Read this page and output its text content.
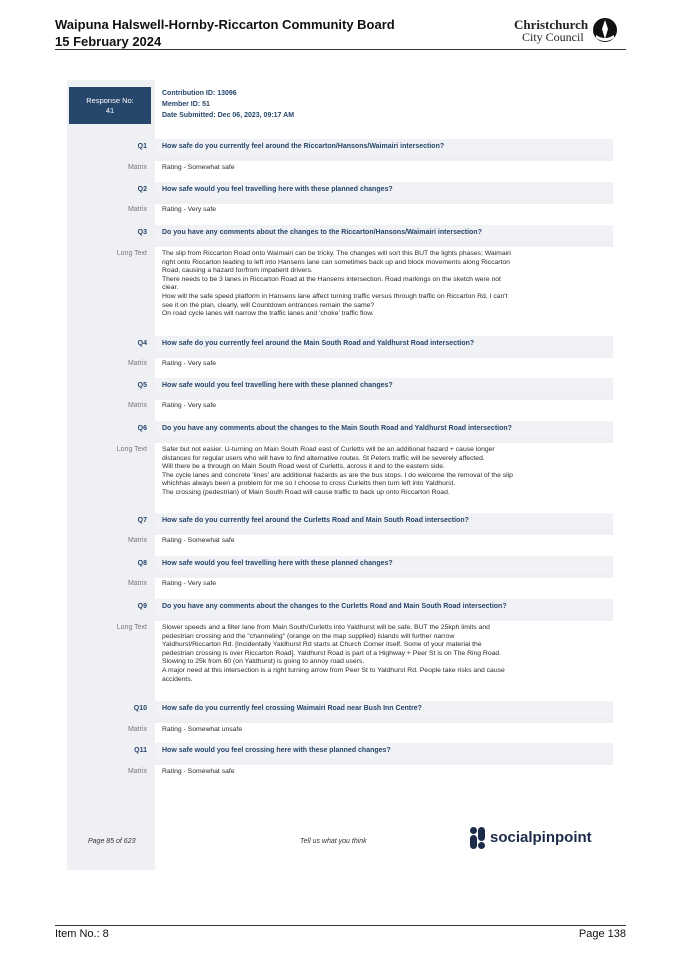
Waipuna Halswell-Hornby-Riccarton Community Board
15 February 2024
Christchurch
City Council
Response No:
41
Contribution ID: 13096
Member ID: 51
Date Submitted: Dec 06, 2023, 09:17 AM
Q1 How safe do you currently feel around the Riccarton/Hansons/Waimairi intersection?
Matrix Rating - Somewhat safe
Q2 How safe would you feel travelling here with these planned changes?
Matrix Rating - Very safe
Q3 Do you have any comments about the changes to the Riccarton/Hansons/Waimairi intersection?
Long Text The slip from Riccarton Road onto Waimairi can be tricky. The changes will sort this BUT the lights phases; Waimairi
right onto Riccarton leading to left into Hansens lane can sometimes back up and block movements along Riccarton
Road, causing a hazard for/from impatient drivers.
There needs to be 3 lanes in Riccarton Road at the Hansens intersection. Road markings on the sketch were not
clear.
How will the safe speed platform in Hansens lane affect turning traffic versus through traffic on Riccarton Rd. I can't
see it on the plan, clearly, will Countdown entrances remain the same?
On road cycle lanes will narrow the traffic lanes and 'choke' traffic flow.
Q4 How safe do you currently feel around the Main South Road and Yaldhurst Road intersection?
Matrix Rating - Very safe
Q5 How safe would you feel travelling here with these planned changes?
Matrix Rating - Very safe
Q6 Do you have any comments about the changes to the Main South Road and Yaldhurst Road intersection?
Long Text Safer but not easier. U-turning on Main South Road east of Curletts will be an additional hazard + cause longer
distances for regular users who will have to find alternative routes. St Peters traffic will be severely affected.
Will there be a through on Main South Road west of Curletts, across it and to the eastern side.
The cycle lanes and concrete 'lines' are additional hazards as are the bus stops. I do welcome the removal of the slip
whichhas always been a problem for me so I choose to cross Curletts then turn left into Yaldhurst.
The crossing (pedestrian) of Main South Road will cause traffic to back up onto Riccarton Road.
Q7 How safe do you currently feel around the Curletts Road and Main South Road intersection?
Matrix Rating - Somewhat safe
Q8 How safe would you feel travelling here with these planned changes?
Matrix Rating - Very safe
Q9 Do you have any comments about the changes to the Curletts Road and Main South Road intersection?
Long Text Slower speeds and a filter lane from Main South/Curletts into Yaldhurst will be safe. BUT the 25kph limits and
pedestrian crossing and the "channeling" (orange on the map supplied) islands will further narrow
Yaldhurst/Riccarton Rd. [Incidentally Yaldhurst Rd starts at Church Corner itself. Some of your material the
pedestrian crossing is over Riccarton Road]. Yaldhurst Road is part of a Highway + Peer St is on The Ring Road.
Slowing to 25k from 60 (on Yaldhurst) is going to annoy road users.
A major need at this intersection is a right turning arrow from Peer St to Yaldhurst Rd. People take risks and cause
accidents.
Q10 How safe do you currently feel crossing Waimairi Road near Bush Inn Centre?
Matrix Rating - Somewhat unsafe
Q11 How safe would you feel crossing here with these planned changes?
Matrix Rating - Somewhat safe
Page 85 of 623	Tell us what you think	socialpinpoint
Item No.: 8	Page 138
